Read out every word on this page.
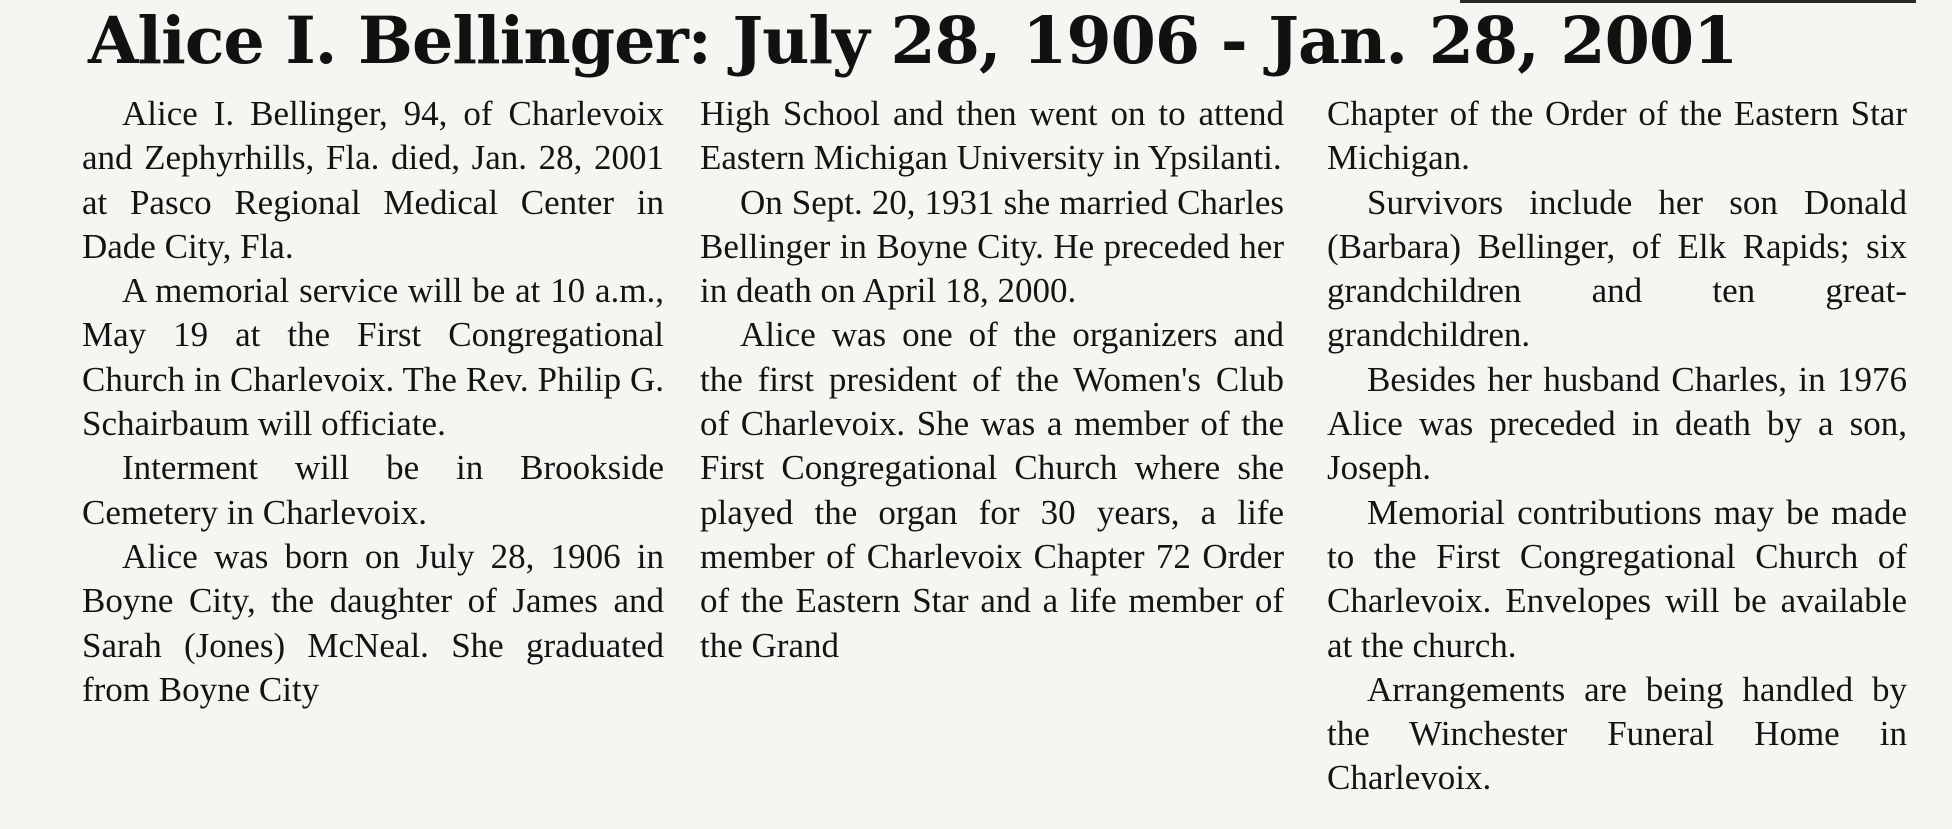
Alice I. Bellinger: July 28, 1906 - Jan. 28, 2001

Alice I. Bellinger, 94, of Charlevoix and Zephyrhills, Fla. died, Jan. 28, 2001 at Pasco Regional Medical Center in Dade City, Fla.

A memorial service will be at 10 a.m., May 19 at the First Congregational Church in Charlevoix. The Rev. Philip G. Schairbaum will officiate.

Interment will be in Brookside Cemetery in Charlevoix.

Alice was born on July 28, 1906 in Boyne City, the daughter of James and Sarah (Jones) McNeal. She graduated from Boyne City

High School and then went on to attend Eastern Michigan University in Ypsilanti.

On Sept. 20, 1931 she married Charles Bellinger in Boyne City. He preceded her in death on April 18, 2000.

Alice was one of the organizers and the first president of the Women's Club of Charlevoix. She was a member of the First Congregational Church where she played the organ for 30 years, a life member of Charlevoix Chapter 72 Order of the Eastern Star and a life member of the Grand

Chapter of the Order of the Eastern Star Michigan.

Survivors include her son Donald (Barbara) Bellinger, of Elk Rapids; six grandchildren and ten great-grandchildren.

Besides her husband Charles, in 1976 Alice was preceded in death by a son, Joseph.

Memorial contributions may be made to the First Congregational Church of Charlevoix. Envelopes will be available at the church.

Arrangements are being handled by the Winchester Funeral Home in Charlevoix.
